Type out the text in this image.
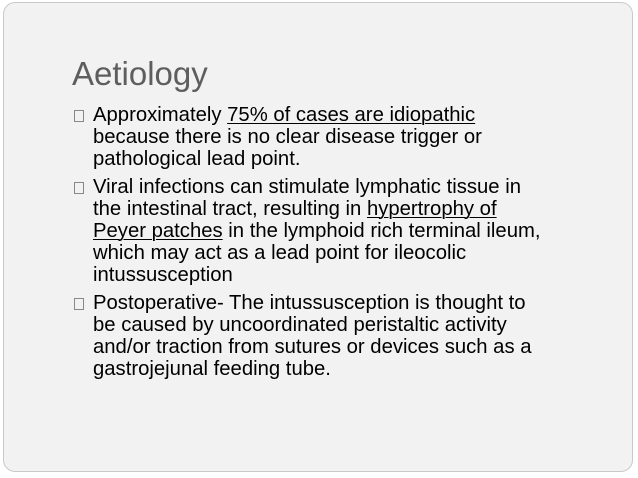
Aetiology
Approximately 75% of cases are idiopathic
because there is no clear disease trigger or
pathological lead point.
Viral infections can stimulate lymphatic tissue in
the intestinal tract, resulting in hypertrophy of
Peyer patches in the lymphoid rich terminal ileum,
which may act as a lead point for ileocolic
intussusception
Postoperative- The intussusception is thought to
be caused by uncoordinated peristaltic activity
and/or traction from sutures or devices such as a
gastrojejunal feeding tube.
